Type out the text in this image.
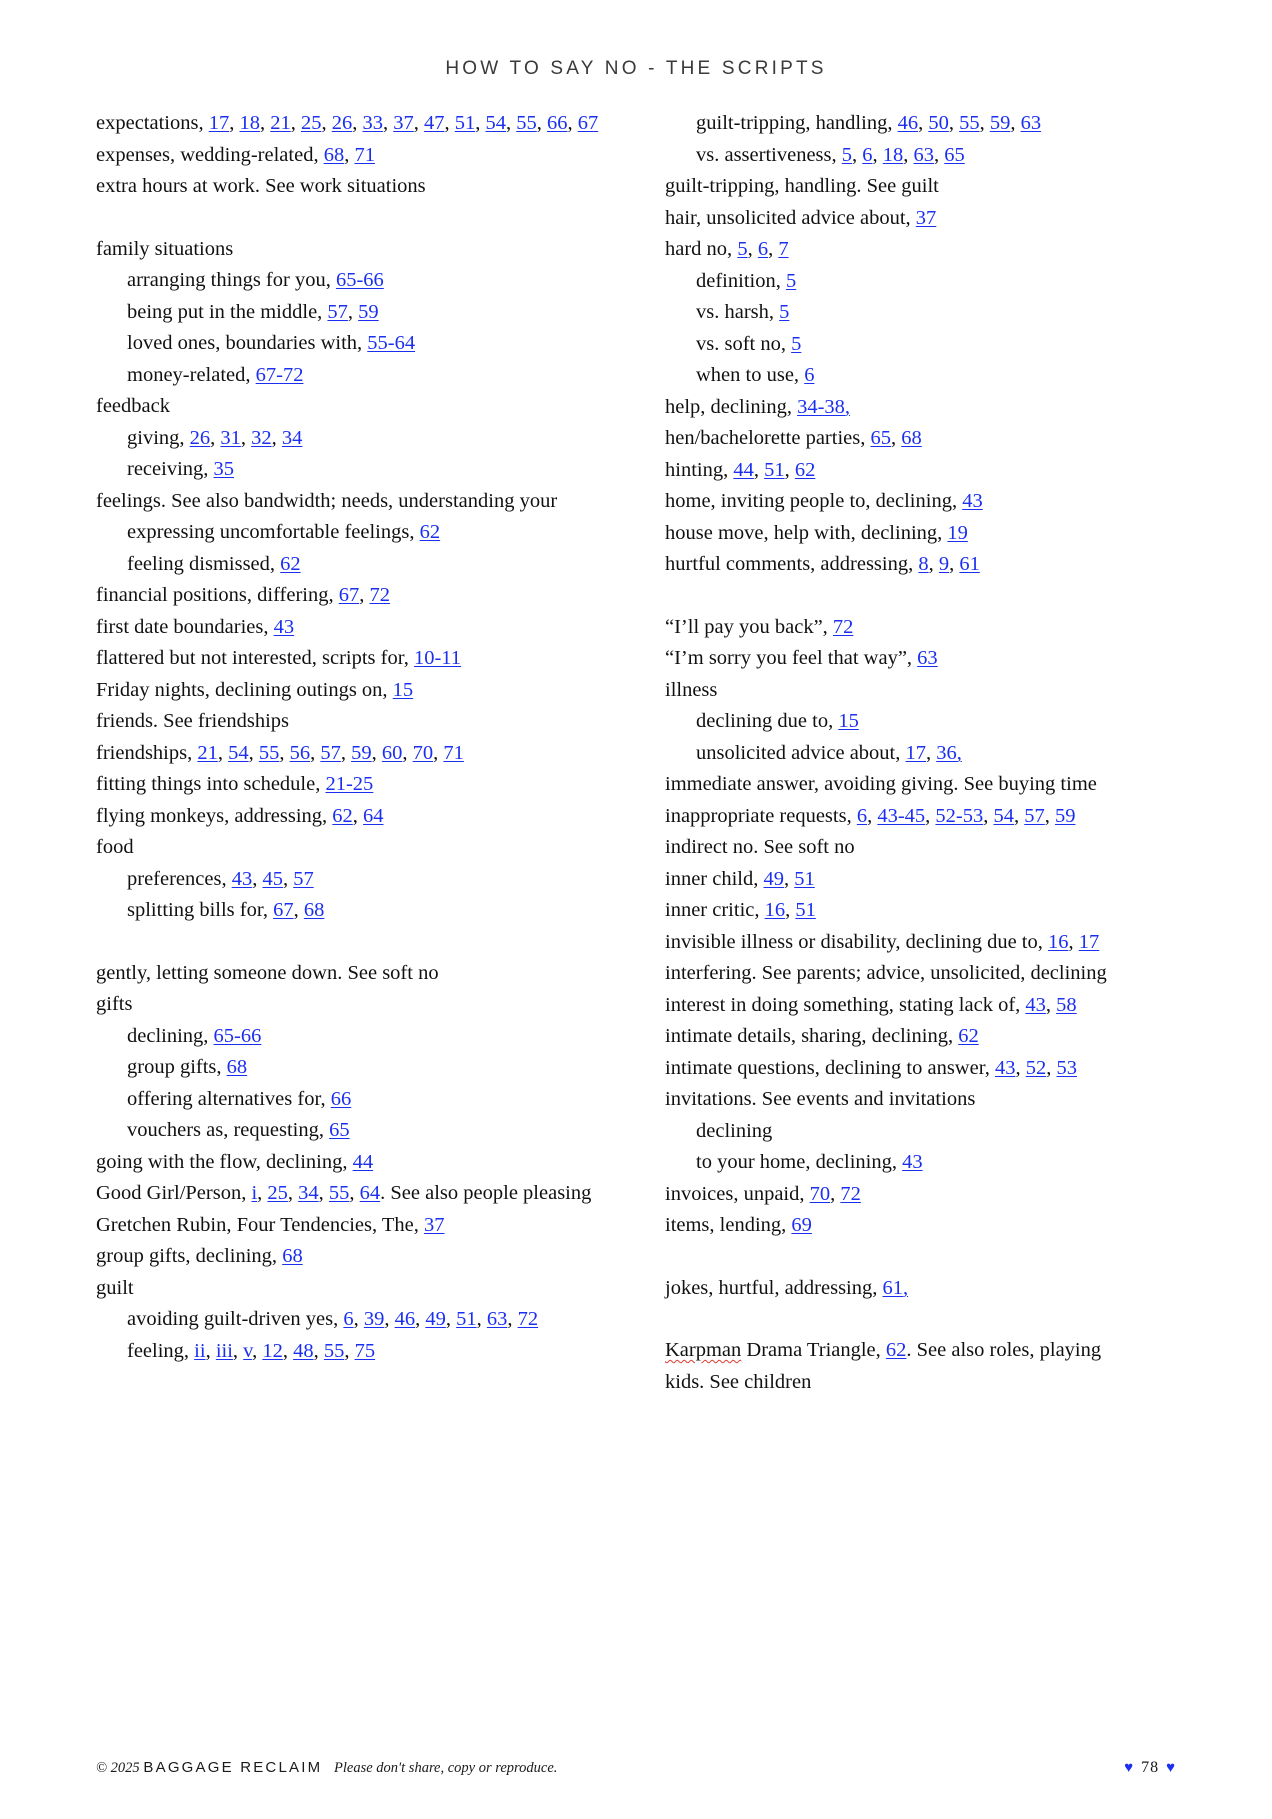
HOW TO SAY NO - THE SCRIPTS
expectations, 17, 18, 21, 25, 26, 33, 37, 47, 51, 54, 55, 66, 67
expenses, wedding-related, 68, 71
extra hours at work. See work situations
family situations
arranging things for you, 65-66
being put in the middle, 57, 59
loved ones, boundaries with, 55-64
money-related, 67-72
feedback
giving, 26, 31, 32, 34
receiving, 35
feelings. See also bandwidth; needs, understanding your
expressing uncomfortable feelings, 62
feeling dismissed, 62
financial positions, differing, 67, 72
first date boundaries, 43
flattered but not interested, scripts for, 10-11
Friday nights, declining outings on, 15
friends. See friendships
friendships, 21, 54, 55, 56, 57, 59, 60, 70, 71
fitting things into schedule, 21-25
flying monkeys, addressing, 62, 64
food
preferences, 43, 45, 57
splitting bills for, 67, 68
gently, letting someone down. See soft no
gifts
declining, 65-66
group gifts, 68
offering alternatives for, 66
vouchers as, requesting, 65
going with the flow, declining, 44
Good Girl/Person, i, 25, 34, 55, 64. See also people pleasing
Gretchen Rubin, Four Tendencies, The, 37
group gifts, declining, 68
guilt
avoiding guilt-driven yes, 6, 39, 46, 49, 51, 63, 72
feeling, ii, iii, v, 12, 48, 55, 75
guilt-tripping, handling, 46, 50, 55, 59, 63
vs. assertiveness, 5, 6, 18, 63, 65
guilt-tripping, handling. See guilt
hair, unsolicited advice about, 37
hard no, 5, 6, 7
definition, 5
vs. harsh, 5
vs. soft no, 5
when to use, 6
help, declining, 34-38,
hen/bachelorette parties, 65, 68
hinting, 44, 51, 62
home, inviting people to, declining, 43
house move, help with, declining, 19
hurtful comments, addressing, 8, 9, 61
“I’ll pay you back”, 72
“I’m sorry you feel that way”, 63
illness
declining due to, 15
unsolicited advice about, 17, 36,
immediate answer, avoiding giving. See buying time
inappropriate requests, 6, 43-45, 52-53, 54, 57, 59
indirect no. See soft no
inner child, 49, 51
inner critic, 16, 51
invisible illness or disability, declining due to, 16, 17
interfering. See parents; advice, unsolicited, declining
interest in doing something, stating lack of, 43, 58
intimate details, sharing, declining, 62
intimate questions, declining to answer, 43, 52, 53
invitations. See events and invitations
declining
to your home, declining, 43
invoices, unpaid, 70, 72
items, lending, 69
jokes, hurtful, addressing, 61,
Karpman Drama Triangle, 62. See also roles, playing
kids. See children
© 2025 BAGGAGE RECLAIM Please don't share, copy or reproduce.	♥ 78 ♥
